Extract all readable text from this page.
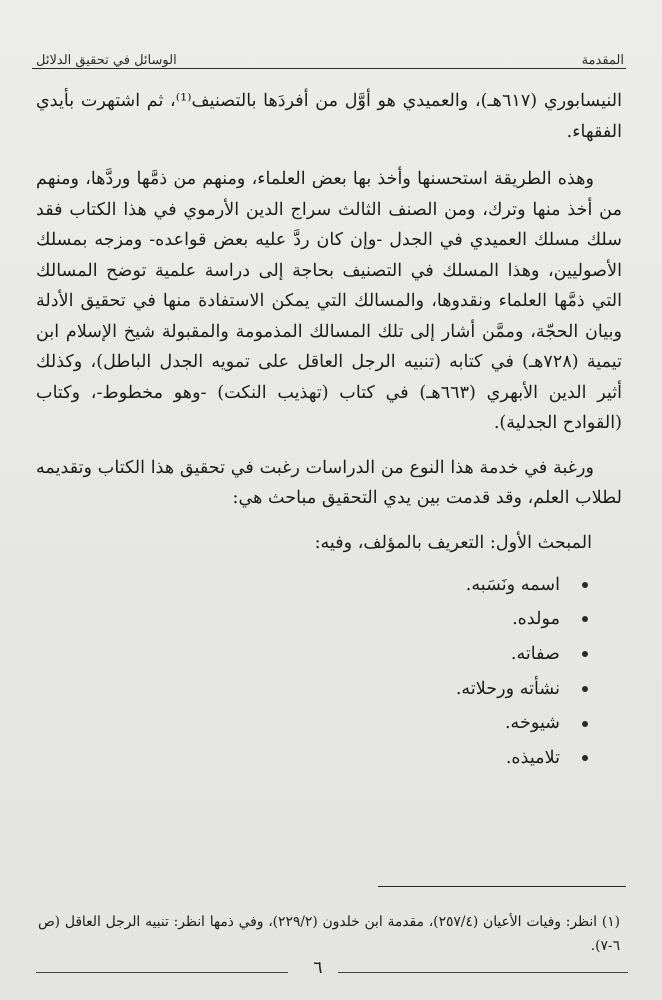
المقدمة
الوسائل في تحقيق الدلائل

النيسابوري (٦١٧هـ)، والعميدي هو أوَّل من أفردَها بالتصنيف⁽¹⁾، ثم اشتهرت بأيدي الفقهاء.

وهذه الطريقة استحسنها وأخذ بها بعض العلماء، ومنهم من ذمَّها وردَّها، ومنهم من أخذ منها وترك، ومن الصنف الثالث سراج الدين الأرموي في هذا الكتاب فقد سلك مسلك العميدي في الجدل -وإن كان ردَّ عليه بعض قواعده- ومزجه بمسلك الأصوليين، وهذا المسلك في التصنيف بحاجة إلى دراسة علمية توضح المسالك التي ذمَّها العلماء ونقدوها، والمسالك التي يمكن الاستفادة منها في تحقيق الأدلة وبيان الحجّة، وممَّن أشار إلى تلك المسالك المذمومة والمقبولة شيخ الإسلام ابن تيمية (٧٢٨هـ) في كتابه (تنبيه الرجل العاقل على تمويه الجدل الباطل)، وكذلك أثير الدين الأبهري (٦٦٣هـ) في كتاب (تهذيب النكت) -وهو مخطوط-، وكتاب (القوادح الجدلية).

ورغبة في خدمة هذا النوع من الدراسات رغبت في تحقيق هذا الكتاب وتقديمه لطلاب العلم، وقد قدمت بين يدي التحقيق مباحث هي:

المبحث الأول: التعريف بالمؤلف، وفيه:

اسمه ونَسَبه.
مولده.
صفاته.
نشأته ورحلاته.
شيوخه.
تلاميذه.

(١) انظر: وفيات الأعيان (٢٥٧/٤)، مقدمة ابن خلدون (٢٢٩/٢)، وفي ذمها انظر: تنبيه الرجل العاقل (ص ٦-٧).

٦
